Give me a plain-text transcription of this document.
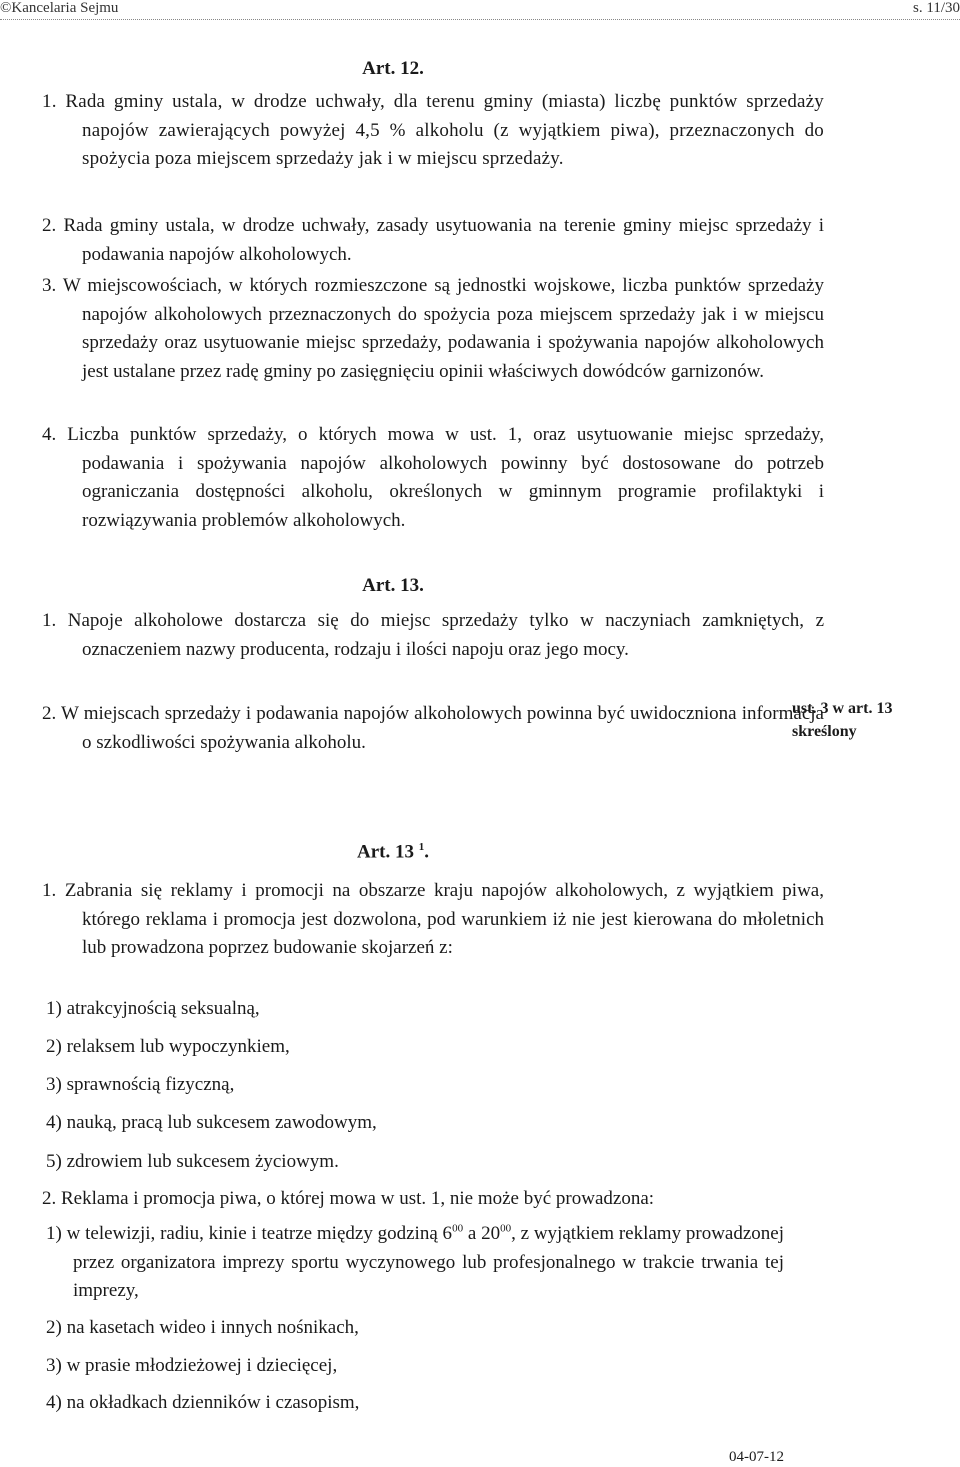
©Kancelaria Sejmu	s. 11/30
Art. 12.
1. Rada gminy ustala, w drodze uchwały, dla terenu gminy (miasta) liczbę punktów sprzedaży napojów zawierających powyżej 4,5 % alkoholu (z wyjątkiem piwa), przeznaczonych do spożycia poza miejscem sprzedaży jak i w miejscu sprzedaży.
2. Rada gminy ustala, w drodze uchwały, zasady usytuowania na terenie gminy miejsc sprzedaży i podawania napojów alkoholowych.
3. W miejscowościach, w których rozmieszczone są jednostki wojskowe, liczba punktów sprzedaży napojów alkoholowych przeznaczonych do spożycia poza miejscem sprzedaży jak i w miejscu sprzedaży oraz usytuowanie miejsc sprzedaży, podawania i spożywania napojów alkoholowych jest ustalane przez radę gminy po zasięgnięciu opinii właściwych dowódców garnizonów.
4. Liczba punktów sprzedaży, o których mowa w ust. 1, oraz usytuowanie miejsc sprzedaży, podawania i spożywania napojów alkoholowych powinny być dostosowane do potrzeb ograniczania dostępności alkoholu, określonych w gminnym programie profilaktyki i rozwiązywania problemów alkoholowych.
Art. 13.
1. Napoje alkoholowe dostarcza się do miejsc sprzedaży tylko w naczyniach zamkniętych, z oznaczeniem nazwy producenta, rodzaju i ilości napoju oraz jego mocy.
2. W miejscach sprzedaży i podawania napojów alkoholowych powinna być uwidoczniona informacja o szkodliwości spożywania alkoholu.
ust. 3 w art. 13 skreślony
Art. 13 $^1$.
1. Zabrania się reklamy i promocji na obszarze kraju napojów alkoholowych, z wyjątkiem piwa, którego reklama i promocja jest dozwolona, pod warunkiem iż nie jest kierowana do młoletnich lub prowadzona poprzez budowanie skojarzeń z:
1) atrakcyjnością seksualną,
2) relaksem lub wypoczynkiem,
3) sprawnością fizyczną,
4) nauką, pracą lub sukcesem zawodowym,
5) zdrowiem lub sukcesem życiowym.
2. Reklama i promocja piwa, o której mowa w ust. 1, nie może być prowadzona:
1) w telewizji, radiu, kinie i teatrze między godziną $6^{00}$ a $20^{00}$, z wyjątkiem reklamy prowadzonej przez organizatora imprezy sportu wyczynowego lub profesjonalnego w trakcie trwania tej imprezy,
2) na kasetach wideo i innych nośnikach,
3) w prasie młodzieżowej i dziecięcej,
4) na okładkach dzienników i czasopism,
04-07-12
